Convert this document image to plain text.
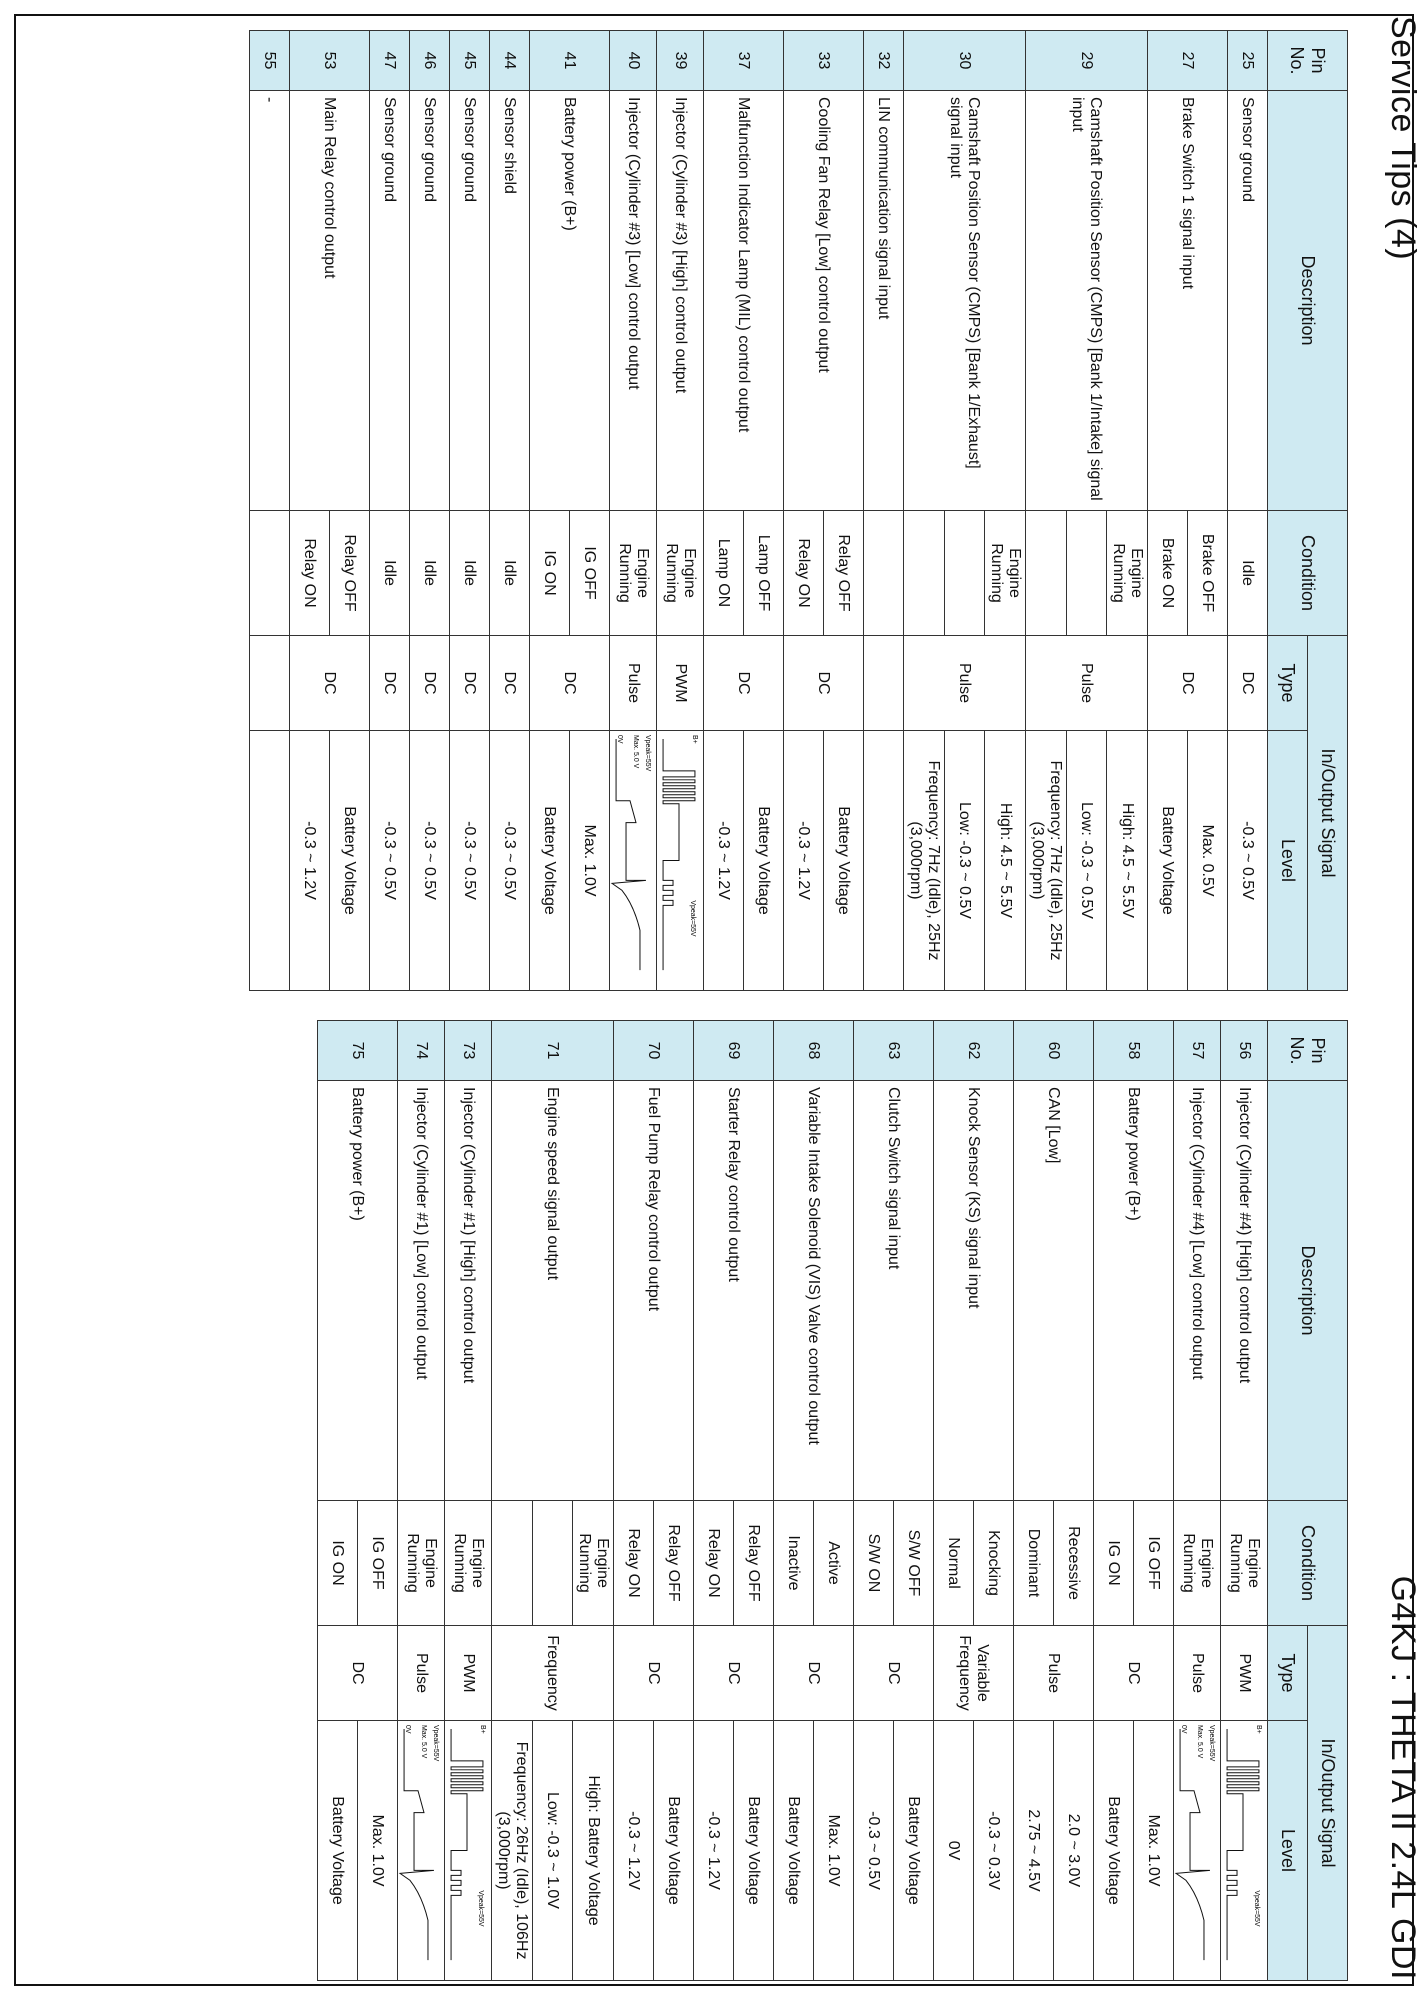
Service Tips (4)
G4KJ : THETA II 2.4L GDI
Pin No.	Description	Condition	In/Output Signal	
			Type	Level
25	Sensor ground	Idle	DC	-0.3 ~ 0.5V
27	Brake Switch 1 signal input	Brake OFF	DC	Max. 0.5V
		Brake ON		Battery Voltage
29	Camshaft Position Sensor (CMPS) [Bank 1/Intake] signal input	Engine Running	Pulse	High: 4.5 ~ 5.5V
				Low: -0.3 ~ 0.5V
				Frequency: 7Hz (Idle), 25Hz (3,000rpm)
30	Camshaft Position Sensor (CMPS) [Bank 1/Exhaust] signal input	Engine Running	Pulse	High: 4.5 ~ 5.5V
				Low: -0.3 ~ 0.5V
				Frequency: 7Hz (Idle), 25Hz (3,000rpm)
32	LIN communication signal input			
33	Cooling Fan Relay [Low] control output	Relay OFF	DC	Battery Voltage
		Relay ON		-0.3 ~ 1.2V
37	Malfunction Indicator Lamp (MIL) control output	Lamp OFF	DC	Battery Voltage
		Lamp ON		-0.3 ~ 1.2V
39	Injector (Cylinder #3) [High] control output	Engine Running	PWM	B+
Vpeak=55V

40	Injector (Cylinder #3) [Low] control output	Engine Running	Pulse	Vpeak=55V
Max. 5.0 V
0V

41	Battery power (B+)	IG OFF	DC	Max. 1.0V
		IG ON		Battery Voltage
44	Sensor shield	Idle	DC	-0.3 ~ 0.5V
45	Sensor ground	Idle	DC	-0.3 ~ 0.5V
46	Sensor ground	Idle	DC	-0.3 ~ 0.5V
47	Sensor ground	Idle	DC	-0.3 ~ 0.5V
53	Main Relay control output	Relay OFF	DC	Battery Voltage
		Relay ON		-0.3 ~ 1.2V
55	-			
Pin No.	Description	Condition	In/Output Signal	
			Type	Level
56	Injector (Cylinder #4) [High] control output	Engine Running	PWM	B+
Vpeak=55V

57	Injector (Cylinder #4) [Low] control output	Engine Running	Pulse	Vpeak=55V
Max. 5.0 V
0V

58	Battery power (B+)	IG OFF	DC	Max. 1.0V
		IG ON		Battery Voltage
60	CAN [Low]	Recessive	Pulse	2.0 ~ 3.0V
		Dominant		2.75 ~ 4.5V
62	Knock Sensor (KS) signal input	Knocking	Variable Frequency	-0.3 ~ 0.3V
		Normal		0V
63	Clutch Switch signal input	S/W OFF	DC	Battery Voltage
		S/W ON		-0.3 ~ 0.5V
68	Variable Intake Solenoid (VIS) Valve control output	Active	DC	Max. 1.0V
		Inactive		Battery Voltage
69	Starter Relay control output	Relay OFF	DC	Battery Voltage
		Relay ON		-0.3 ~ 1.2V
70	Fuel Pump Relay control output	Relay OFF	DC	Battery Voltage
		Relay ON		-0.3 ~ 1.2V
71	Engine speed signal output	Engine Running	Frequency	High: Battery Voltage
				Low: -0.3 ~ 1.0V
				Frequency: 26Hz (Idle), 106Hz (3,000rpm)
73	Injector (Cylinder #1) [High] control output	Engine Running	PWM	B+
Vpeak=55V

74	Injector (Cylinder #1) [Low] control output	Engine Running	Pulse	Vpeak=55V
Max. 5.0 V
0V

75	Battery power (B+)	IG OFF	DC	Max. 1.0V
		IG ON		Battery Voltage
